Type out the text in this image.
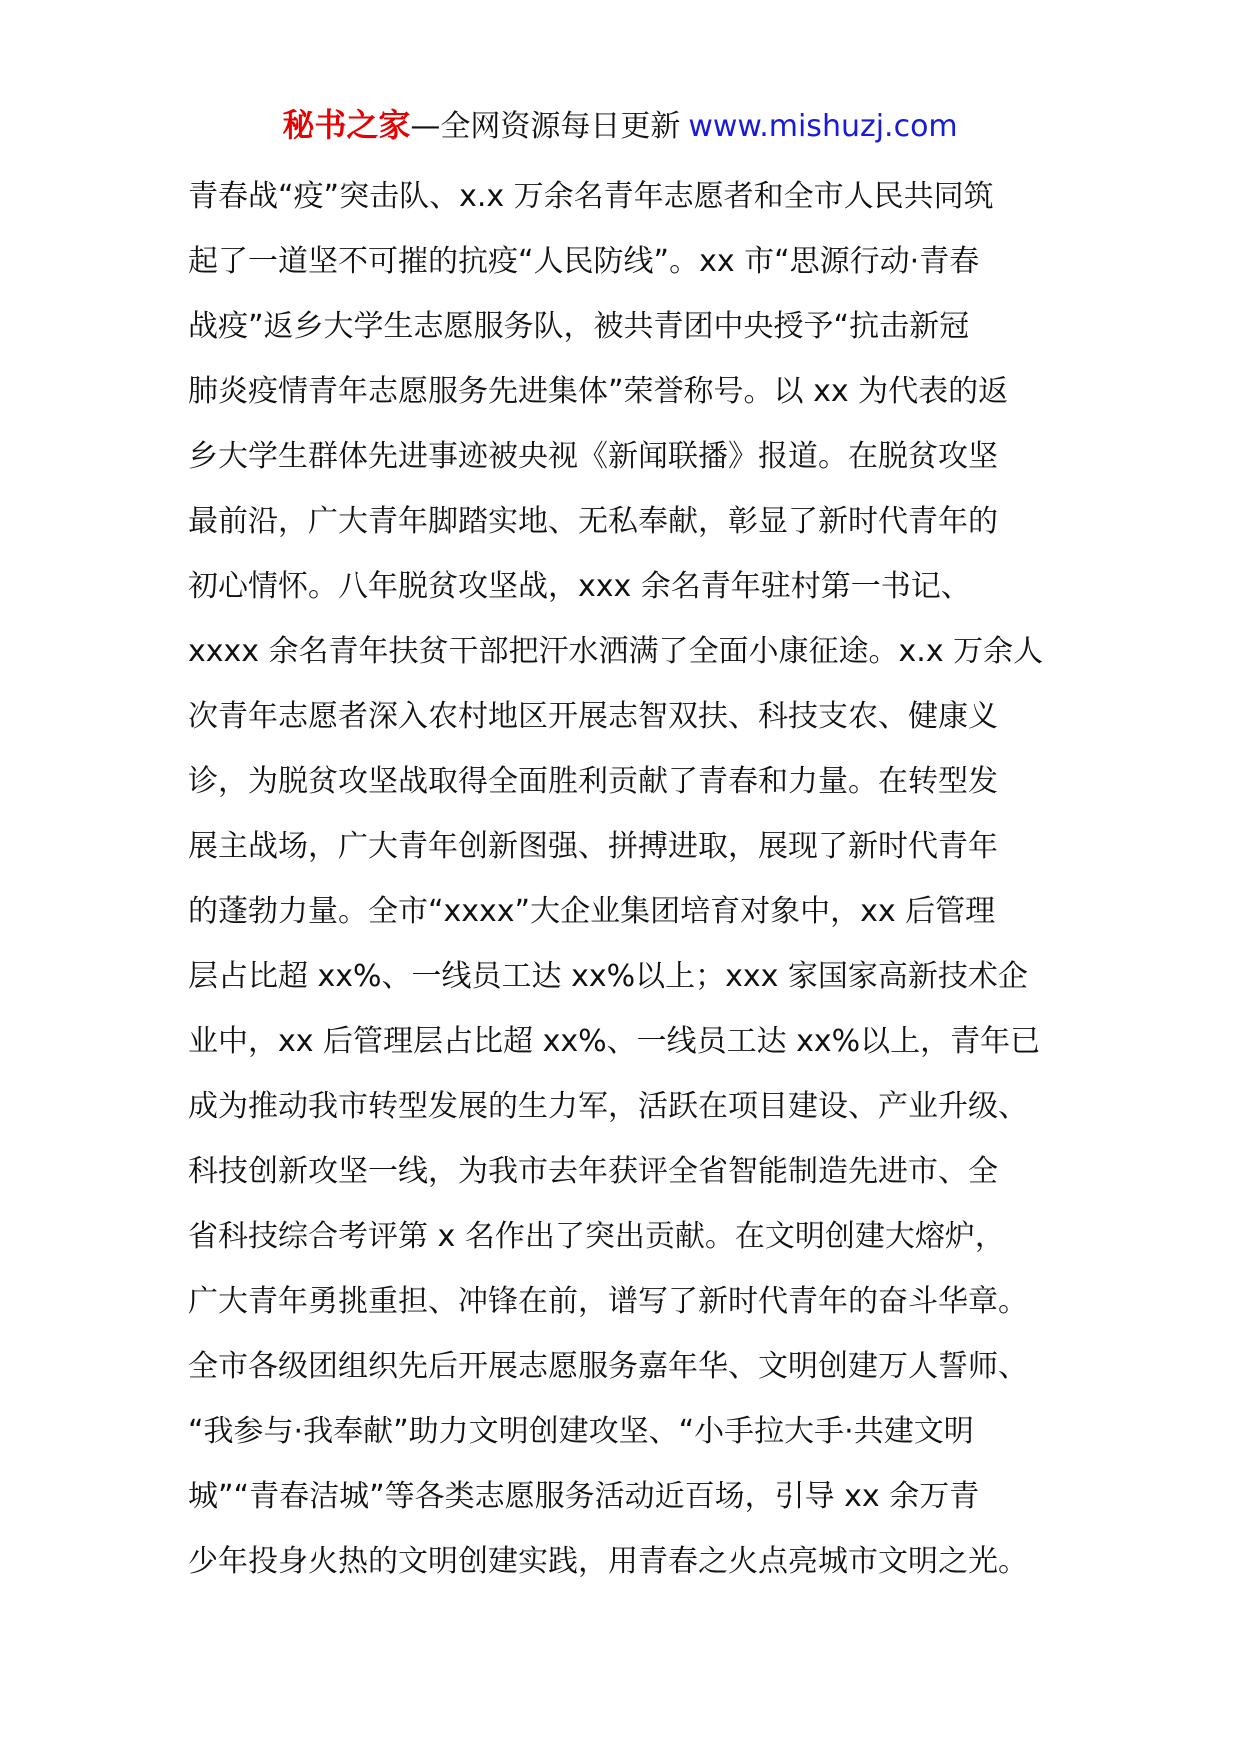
秘书之家—全网资源每日更新 www.mishuzj.com
青春战“疫”突击队、x.x 万余名青年志愿者和全市人民共同筑
起了一道坚不可摧的抗疫“人民防线”。xx 市“思源行动·青春
战疫”返乡大学生志愿服务队，被共青团中央授予“抗击新冠
肺炎疫情青年志愿服务先进集体”荣誉称号。以 xx 为代表的返
乡大学生群体先进事迹被央视《新闻联播》报道。在脱贫攻坚
最前沿，广大青年脚踏实地、无私奉献，彰显了新时代青年的
初心情怀。八年脱贫攻坚战，xxx 余名青年驻村第一书记、
xxxx 余名青年扶贫干部把汗水洒满了全面小康征途。x.x 万余人
次青年志愿者深入农村地区开展志智双扶、科技支农、健康义
诊，为脱贫攻坚战取得全面胜利贡献了青春和力量。在转型发
展主战场，广大青年创新图强、拼搏进取，展现了新时代青年
的蓬勃力量。全市“xxxx”大企业集团培育对象中，xx 后管理
层占比超 xx%、一线员工达 xx%以上；xxx 家国家高新技术企
业中，xx 后管理层占比超 xx%、一线员工达 xx%以上，青年已
成为推动我市转型发展的生力军，活跃在项目建设、产业升级、
科技创新攻坚一线，为我市去年获评全省智能制造先进市、全
省科技综合考评第 x 名作出了突出贡献。在文明创建大熔炉，
广大青年勇挑重担、冲锋在前，谱写了新时代青年的奋斗华章。
全市各级团组织先后开展志愿服务嘉年华、文明创建万人誓师、
“我参与·我奉献”助力文明创建攻坚、“小手拉大手·共建文明
城”“青春洁城”等各类志愿服务活动近百场，引导 xx 余万青
少年投身火热的文明创建实践，用青春之火点亮城市文明之光。
